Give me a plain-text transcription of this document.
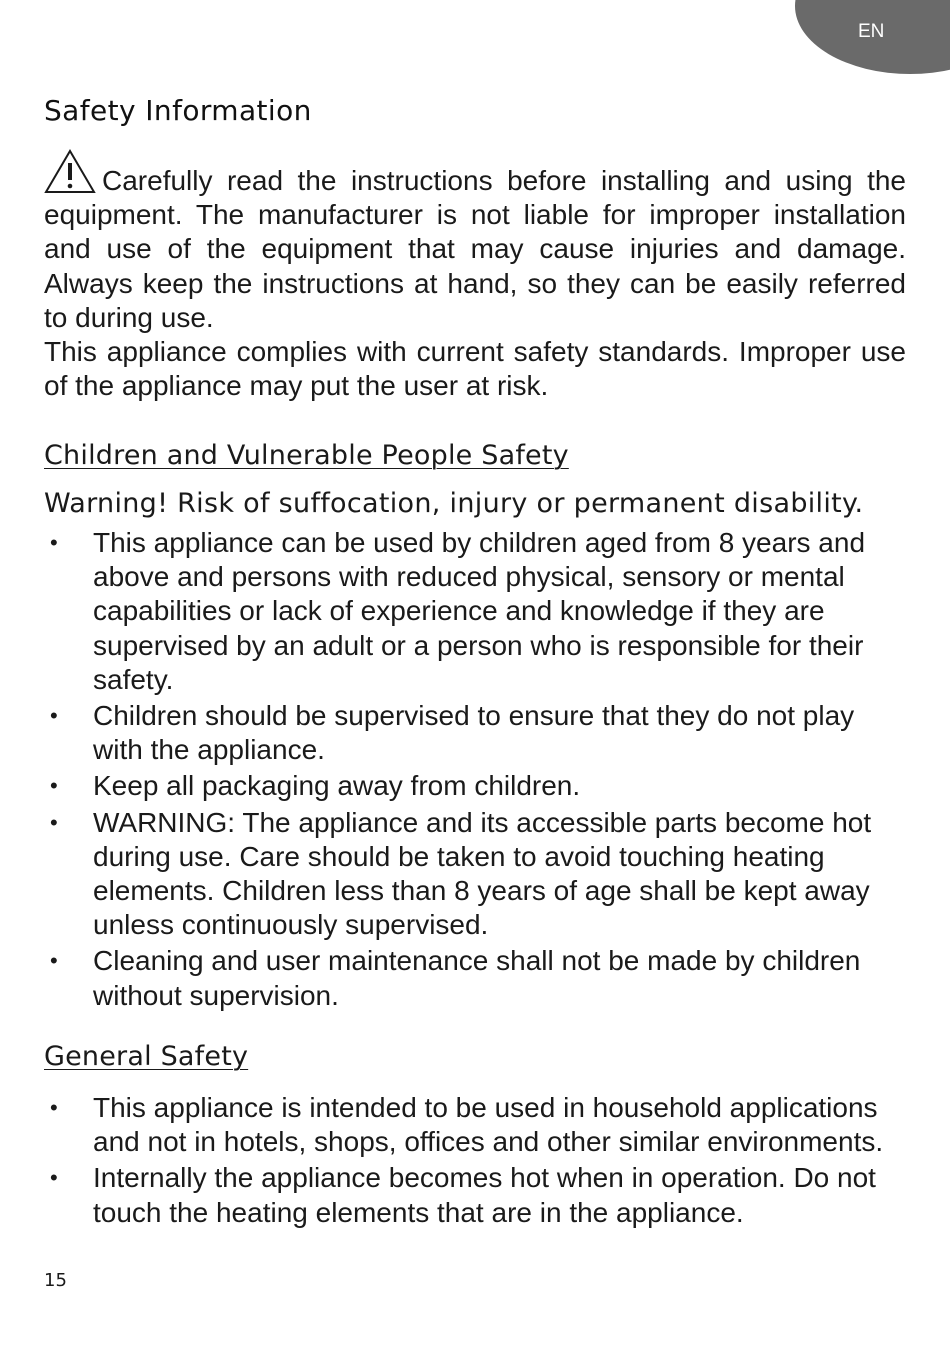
EN
Safety Information

Carefully read the instructions before installing and using the equipment. The manufacturer is not liable for improper installation and use of the equipment that may cause injuries and damage. Always keep the instructions at hand, so they can be easily referred to during use.

This appliance complies with current safety standards. Improper use of the appliance may put the user at risk.

Children and Vulnerable People Safety

Warning! Risk of suffocation, injury or permanent disability.

• This appliance can be used by children aged from 8 years and above and persons with reduced physical, sensory or mental capabilities or lack of experience and knowledge if they are supervised by an adult or a person who is responsible for their safety.
• Children should be supervised to ensure that they do not play with the appliance.
• Keep all packaging away from children.
• WARNING: The appliance and its accessible parts become hot during use. Care should be taken to avoid touching heating elements. Children less than 8 years of age shall be kept away unless continuously supervised.
• Cleaning and user maintenance shall not be made by children without supervision.
General Safety
• This appliance is intended to be used in household applications and not in hotels, shops, offices and other similar environments.
• Internally the appliance becomes hot when in operation. Do not touch the heating elements that are in the appliance.
15
